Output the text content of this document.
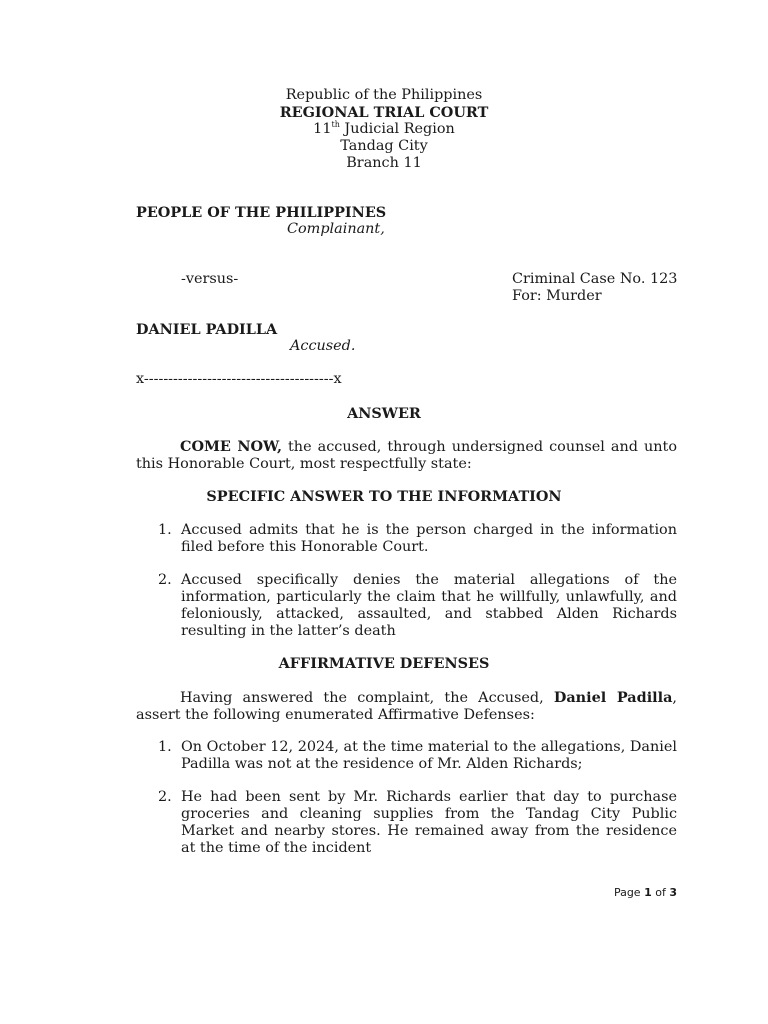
Republic of the Philippines
REGIONAL TRIAL COURT
11th Judicial Region
Tandag City
Branch 11
PEOPLE OF THE PHILIPPINES
Complainant,
-versus-	Criminal Case No. 123
For: Murder
DANIEL PADILLA
Accused.
x---------------------------------------x
ANSWER
COME NOW, the accused, through undersigned counsel and unto this Honorable Court, most respectfully state:
SPECIFIC ANSWER TO THE INFORMATION
1. Accused admits that he is the person charged in the information filed before this Honorable Court.
2. Accused specifically denies the material allegations of the information, particularly the claim that he willfully, unlawfully, and feloniously, attacked, assaulted, and stabbed Alden Richards resulting in the latter’s death
AFFIRMATIVE DEFENSES
Having answered the complaint, the Accused, Daniel Padilla, assert the following enumerated Affirmative Defenses:
1. On October 12, 2024, at the time material to the allegations, Daniel Padilla was not at the residence of Mr. Alden Richards;
2. He had been sent by Mr. Richards earlier that day to purchase groceries and cleaning supplies from the Tandag City Public Market and nearby stores. He remained away from the residence at the time of the incident
Page 1 of 3
